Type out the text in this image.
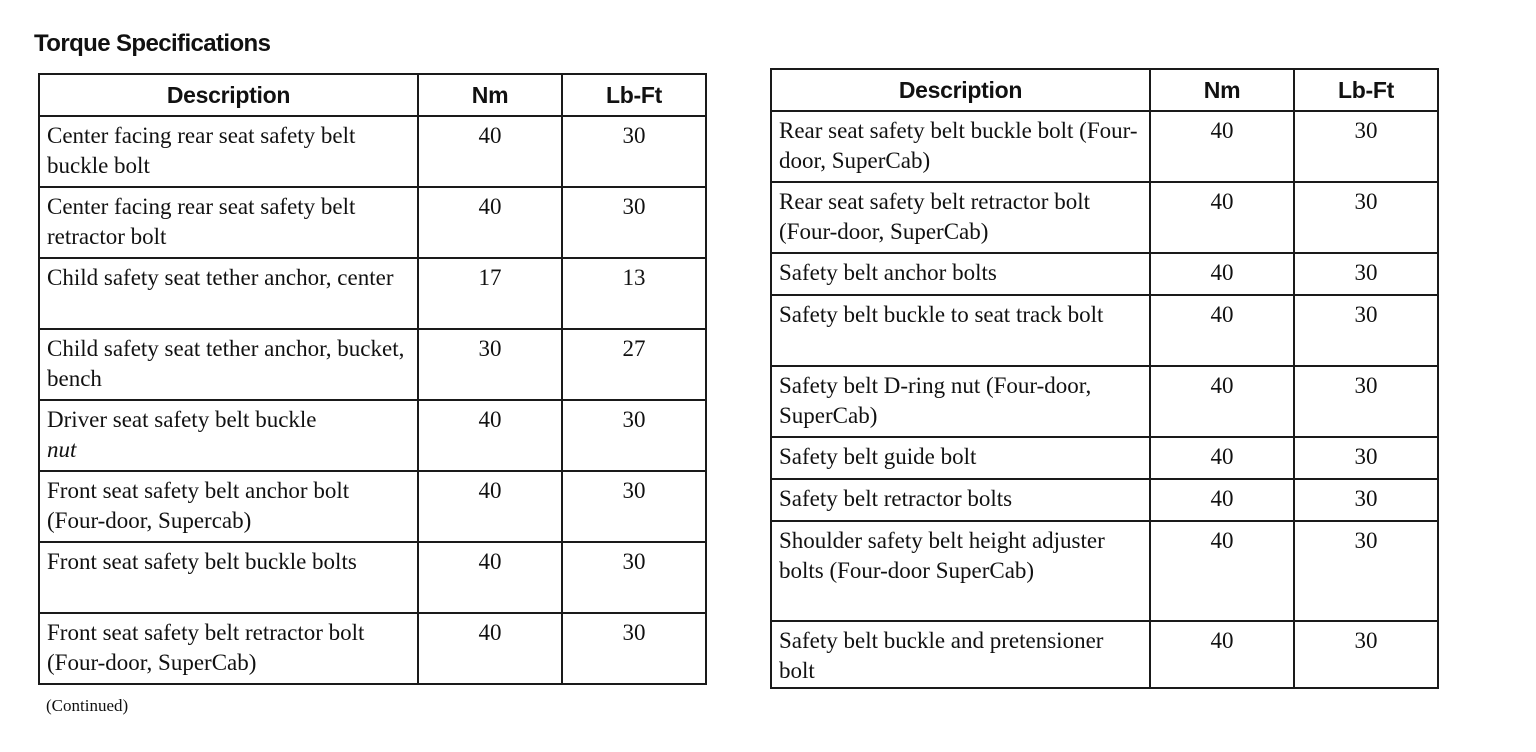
Torque Specifications
Description	Nm	Lb-Ft
Center facing rear seat safety belt buckle bolt	40	30
Center facing rear seat safety belt retractor bolt	40	30
Child safety seat tether anchor, center	17	13
Child safety seat tether anchor, bucket, bench	30	27
Driver seat safety belt buckle
nut	40	30
Front seat safety belt anchor bolt (Four-door, Supercab)	40	30
Front seat safety belt buckle bolts	40	30
Front seat safety belt retractor bolt (Four-door, SuperCab)	40	30

(Continued)

Description	Nm	Lb-Ft
Rear seat safety belt buckle bolt (Four-door, SuperCab)	40	30
Rear seat safety belt retractor bolt (Four-door, SuperCab)	40	30
Safety belt anchor bolts	40	30
Safety belt buckle to seat track bolt	40	30
Safety belt D-ring nut (Four-door, SuperCab)	40	30
Safety belt guide bolt	40	30
Safety belt retractor bolts	40	30
Shoulder safety belt height adjuster bolts (Four-door SuperCab)	40	30
Safety belt buckle and pretensioner bolt	40	30
